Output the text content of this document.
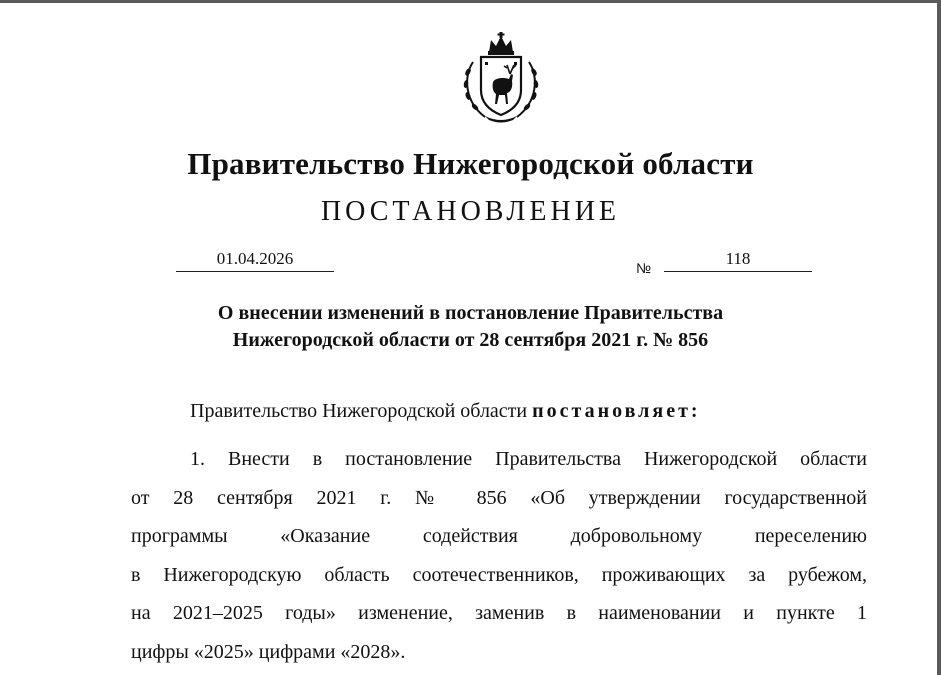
Правительство Нижегородской области
ПОСТАНОВЛЕНИЕ
01.04.2026	№	118
О внесении изменений в постановление Правительства
Нижегородской области от 28 сентября 2021 г. № 856
Правительство Нижегородской области постановляет:
1. Внести в постановление Правительства Нижегородской области
от 28 сентября 2021 г. № 856 «Об утверждении государственной
программы «Оказание содействия добровольному переселению
в Нижегородскую область соотечественников, проживающих за рубежом,
на 2021–2025 годы» изменение, заменив в наименовании и пункте 1
цифры «2025» цифрами «2028».
